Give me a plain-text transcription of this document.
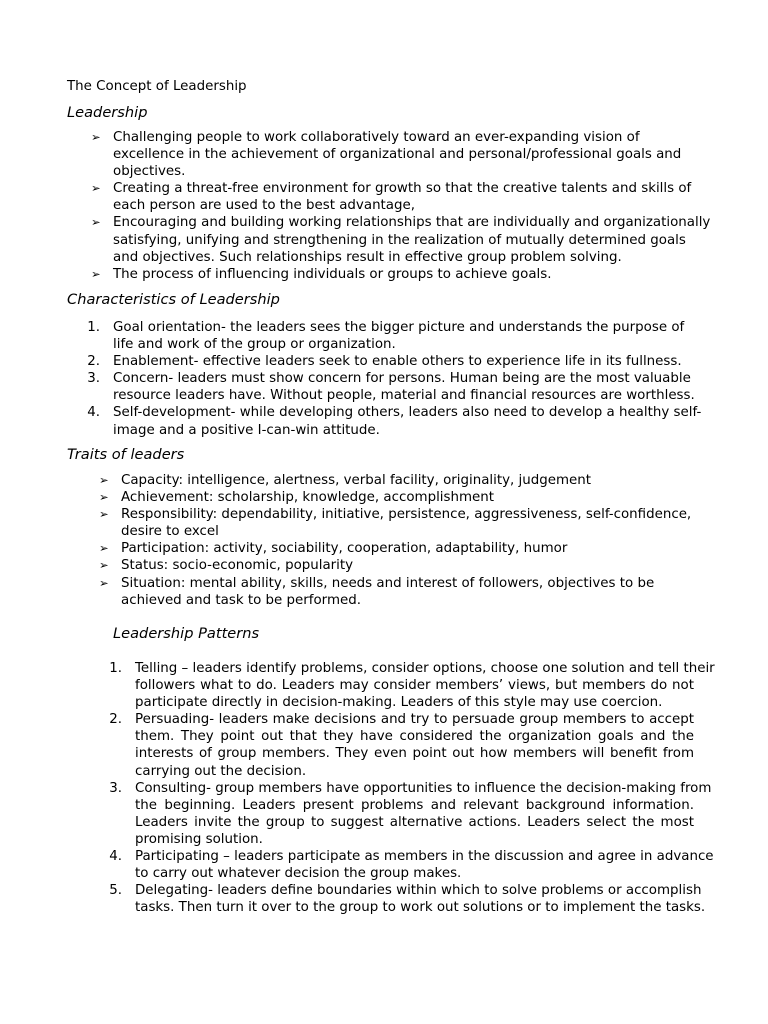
The Concept of Leadership
Leadership
➢ Challenging people to work collaboratively toward an ever-expanding vision of
excellence in the achievement of organizational and personal/professional goals and
objectives.
➢ Creating a threat-free environment for growth so that the creative talents and skills of
each person are used to the best advantage,
➢ Encouraging and building working relationships that are individually and organizationally
satisfying, unifying and strengthening in the realization of mutually determined goals
and objectives. Such relationships result in effective group problem solving.
➢ The process of influencing individuals or groups to achieve goals.
Characteristics of Leadership
1. Goal orientation- the leaders sees the bigger picture and understands the purpose of
life and work of the group or organization.
2. Enablement- effective leaders seek to enable others to experience life in its fullness.
3. Concern- leaders must show concern for persons. Human being are the most valuable
resource leaders have. Without people, material and financial resources are worthless.
4. Self-development- while developing others, leaders also need to develop a healthy self-
image and a positive I-can-win attitude.
Traits of leaders
➢ Capacity: intelligence, alertness, verbal facility, originality, judgement
➢ Achievement: scholarship, knowledge, accomplishment
➢ Responsibility: dependability, initiative, persistence, aggressiveness, self-confidence,
desire to excel
➢ Participation: activity, sociability, cooperation, adaptability, humor
➢ Status: socio-economic, popularity
➢ Situation: mental ability, skills, needs and interest of followers, objectives to be
achieved and task to be performed.
Leadership Patterns
1. Telling – leaders identify problems, consider options, choose one solution and tell their
followers what to do. Leaders may consider members’ views, but members do not
participate directly in decision-making. Leaders of this style may use coercion.
2. Persuading- leaders make decisions and try to persuade group members to accept
them. They point out that they have considered the organization goals and the
interests of group members. They even point out how members will benefit from
carrying out the decision.
3. Consulting- group members have opportunities to influence the decision-making from
the beginning. Leaders present problems and relevant background information.
Leaders invite the group to suggest alternative actions. Leaders select the most
promising solution.
4. Participating – leaders participate as members in the discussion and agree in advance
to carry out whatever decision the group makes.
5. Delegating- leaders define boundaries within which to solve problems or accomplish
tasks. Then turn it over to the group to work out solutions or to implement the tasks.
